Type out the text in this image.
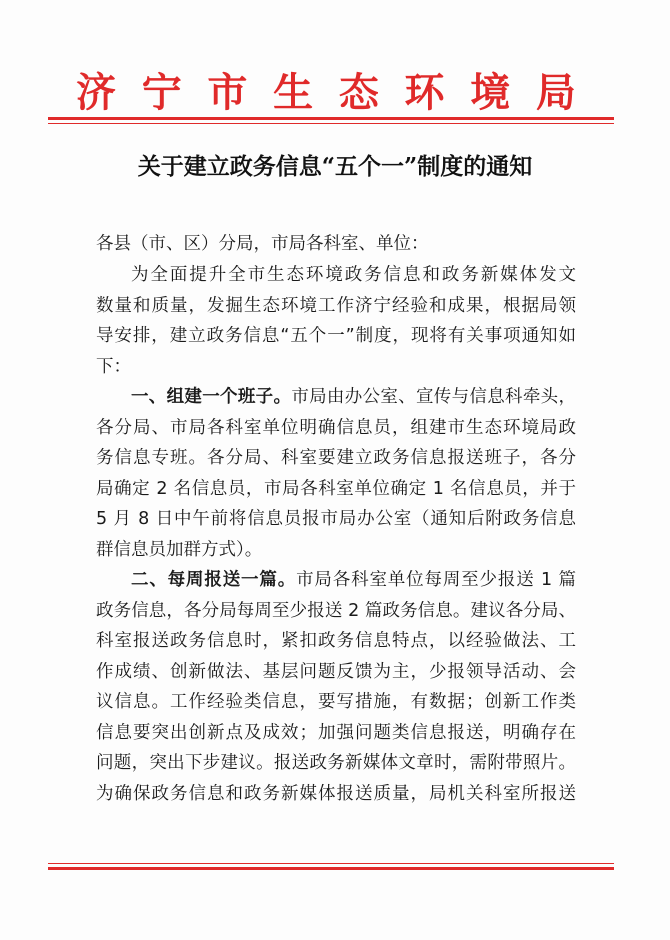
济 宁 市 生 态 环 境 局
关于建立政务信息“五个一”制度的通知
各县（市、区）分局，市局各科室、单位：
为全面提升全市生态环境政务信息和政务新媒体发文
数量和质量，发掘生态环境工作济宁经验和成果，根据局领
导安排，建立政务信息“五个一”制度，现将有关事项通知如
下：
一、组建一个班子。市局由办公室、宣传与信息科牵头，
各分局、市局各科室单位明确信息员，组建市生态环境局政
务信息专班。各分局、科室要建立政务信息报送班子，各分
局确定 2 名信息员，市局各科室单位确定 1 名信息员，并于
5 月 8 日中午前将信息员报市局办公室（通知后附政务信息
群信息员加群方式）。
二、每周报送一篇。市局各科室单位每周至少报送 1 篇
政务信息，各分局每周至少报送 2 篇政务信息。建议各分局、
科室报送政务信息时，紧扣政务信息特点，以经验做法、工
作成绩、创新做法、基层问题反馈为主，少报领导活动、会
议信息。工作经验类信息，要写措施，有数据；创新工作类
信息要突出创新点及成效；加强问题类信息报送，明确存在
问题，突出下步建议。报送政务新媒体文章时，需附带照片。
为确保政务信息和政务新媒体报送质量，局机关科室所报送
